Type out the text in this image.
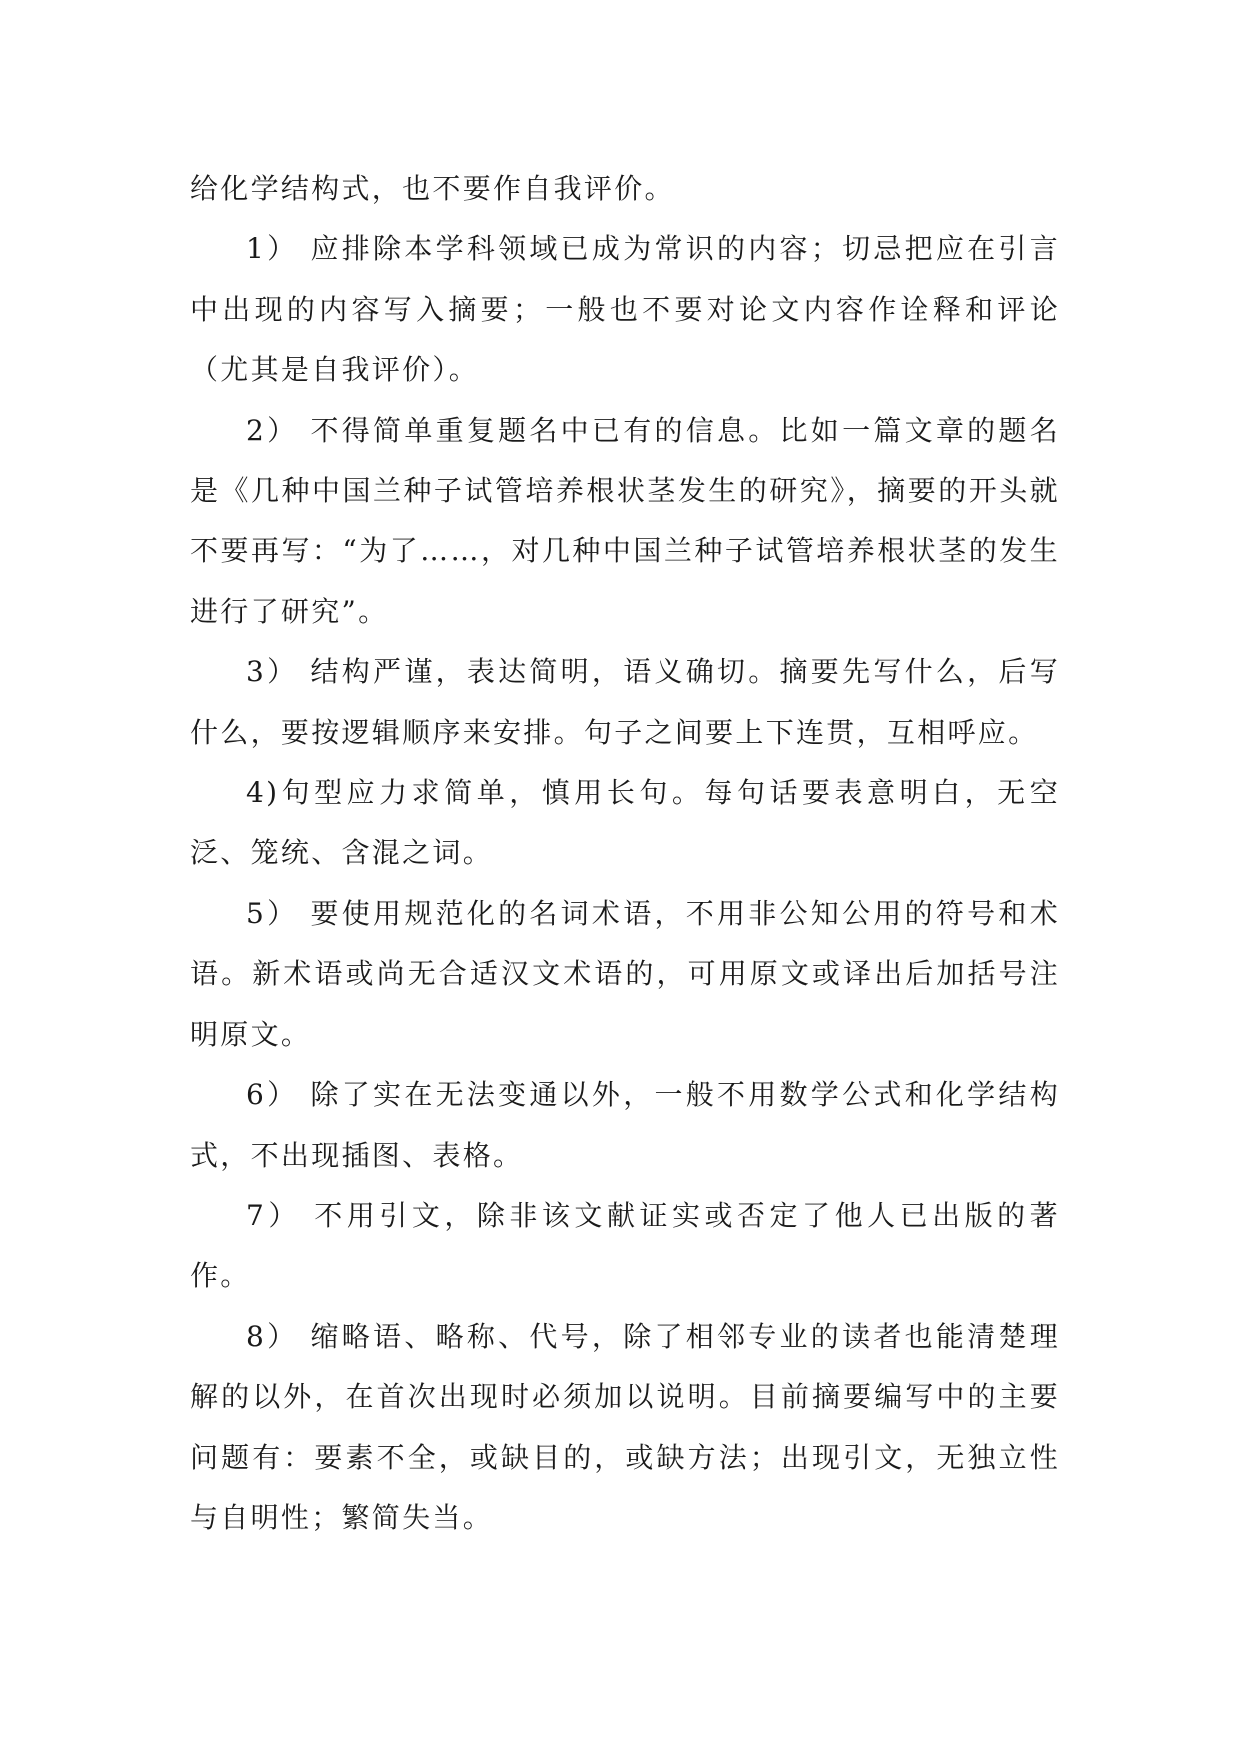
给化学结构式，也不要作自我评价。

1） 应排除本学科领域已成为常识的内容；切忌把应在引言中出现的内容写入摘要；一般也不要对论文内容作诠释和评论（尤其是自我评价）。

2） 不得简单重复题名中已有的信息。比如一篇文章的题名是《几种中国兰种子试管培养根状茎发生的研究》，摘要的开头就不要再写：“为了……，对几种中国兰种子试管培养根状茎的发生进行了研究”。

3） 结构严谨，表达简明，语义确切。摘要先写什么，后写什么，要按逻辑顺序来安排。句子之间要上下连贯，互相呼应。

4)句型应力求简单，慎用长句。每句话要表意明白，无空泛、笼统、含混之词。

5） 要使用规范化的名词术语，不用非公知公用的符号和术语。新术语或尚无合适汉文术语的，可用原文或译出后加括号注明原文。

6） 除了实在无法变通以外，一般不用数学公式和化学结构式，不出现插图、表格。

7） 不用引文，除非该文献证实或否定了他人已出版的著作。

8） 缩略语、略称、代号，除了相邻专业的读者也能清楚理解的以外，在首次出现时必须加以说明。目前摘要编写中的主要问题有：要素不全，或缺目的，或缺方法；出现引文，无独立性与自明性；繁简失当。
